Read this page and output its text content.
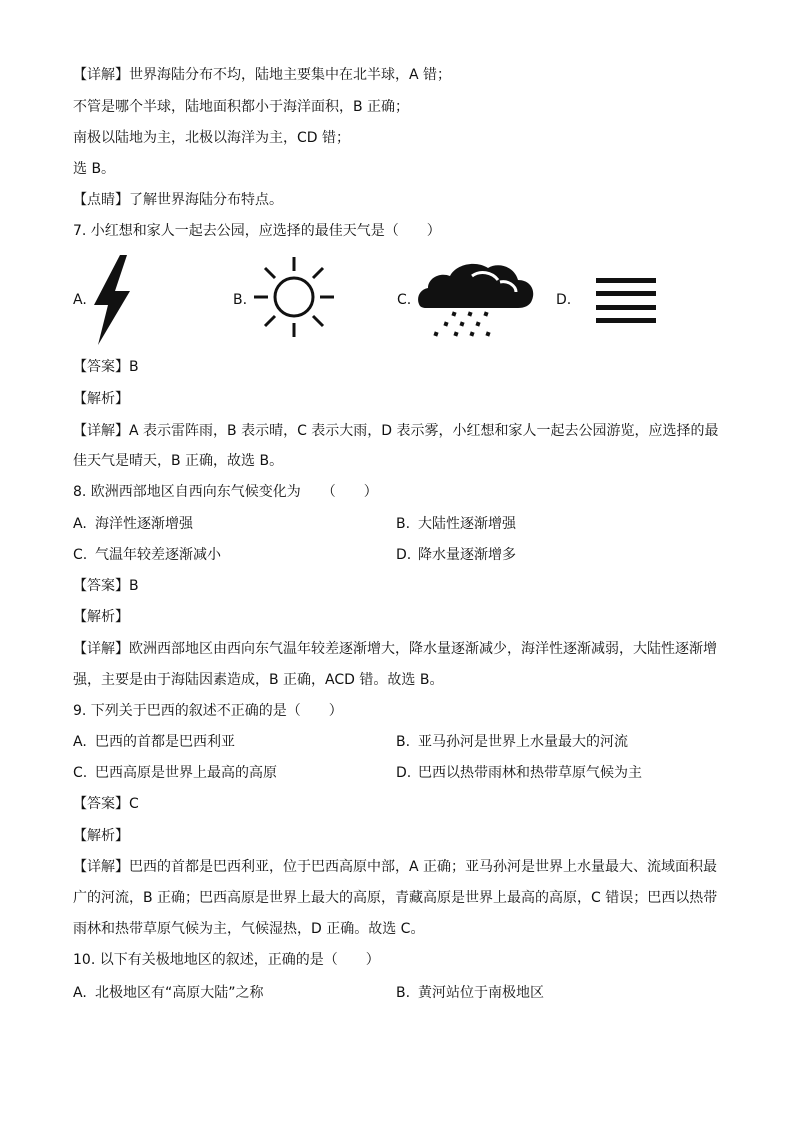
【详解】世界海陆分布不均，陆地主要集中在北半球，A 错；
不管是哪个半球，陆地面积都小于海洋面积，B 正确；
南极以陆地为主，北极以海洋为主，CD 错；
选 B。
【点睛】了解世界海陆分布特点。
7. 小红想和家人一起去公园，应选择的最佳天气是（　　）
A.	B.	C.	D.
【答案】B
【解析】
【详解】A 表示雷阵雨，B 表示晴，C 表示大雨，D 表示雾，小红想和家人一起去公园游览，应选择的最
佳天气是晴天，B 正确，故选 B。
8. 欧洲西部地区自西向东气候变化为　　（　　）
A. 海洋性逐渐增强	B. 大陆性逐渐增强
C. 气温年较差逐渐减小	D. 降水量逐渐增多
【答案】B
【解析】
【详解】欧洲西部地区由西向东气温年较差逐渐增大，降水量逐渐减少，海洋性逐渐减弱，大陆性逐渐增
强，主要是由于海陆因素造成，B 正确，ACD 错。故选 B。
9. 下列关于巴西的叙述不正确的是（　　）
A. 巴西的首都是巴西利亚	B. 亚马孙河是世界上水量最大的河流
C. 巴西高原是世界上最高的高原	D. 巴西以热带雨林和热带草原气候为主
【答案】C
【解析】
【详解】巴西的首都是巴西利亚，位于巴西高原中部，A 正确；亚马孙河是世界上水量最大、流域面积最
广的河流，B 正确；巴西高原是世界上最大的高原，青藏高原是世界上最高的高原，C 错误；巴西以热带
雨林和热带草原气候为主，气候湿热，D 正确。故选 C。
10. 以下有关极地地区的叙述，正确的是（　　）
A. 北极地区有“高原大陆”之称	B. 黄河站位于南极地区
